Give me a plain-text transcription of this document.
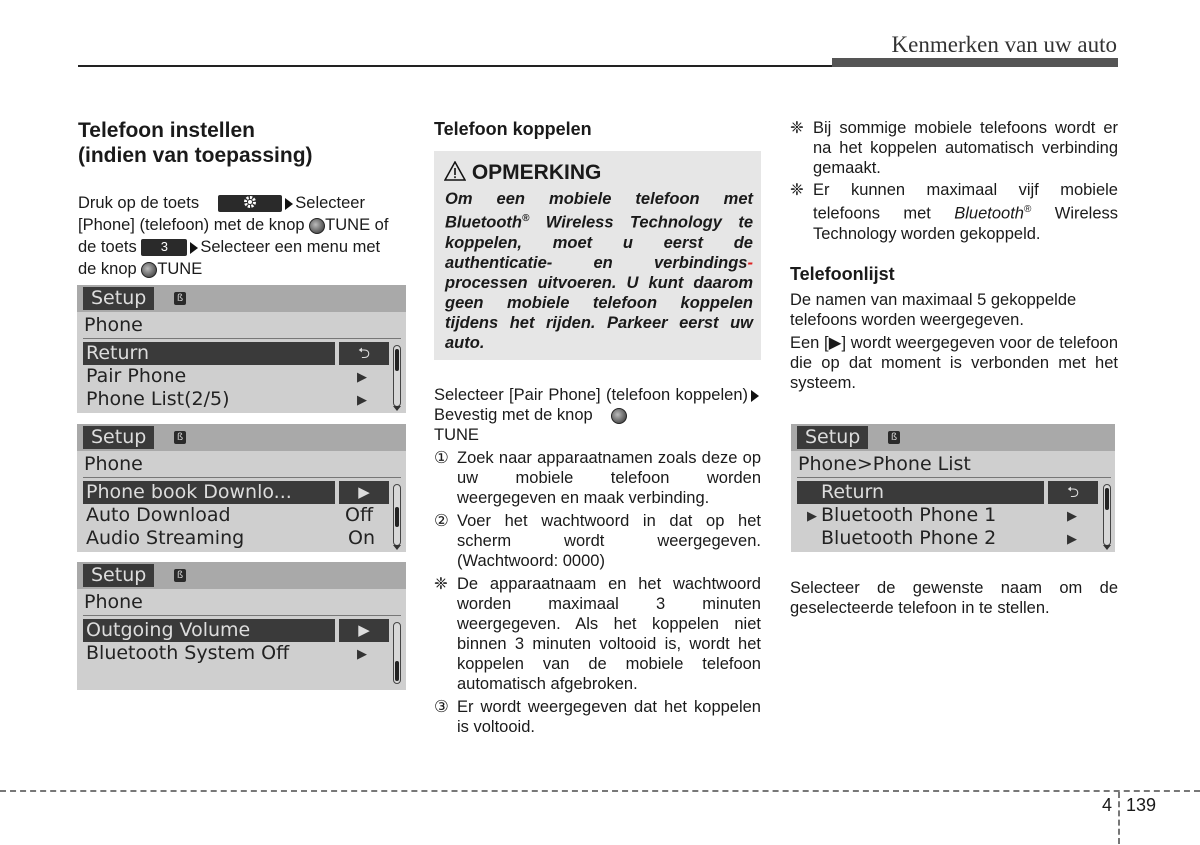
Kenmerken van uw auto
Telefoon instellen
(indien van toepassing)

Druk op de toets	Selecteer
[Phone] (telefoon) met de knop TUNE of
de toets 3 Selecteer een menu met
de knop TUNE

Setup	ß
Phone
Return	⮌
Pair Phone	▶
Phone List(2/5)	▶
Setup	ß
Phone
Phone book Downlo...	▶
Auto Download	Off
Audio Streaming	On
Setup	ß
Phone
Outgoing Volume	▶
Bluetooth System Off	▶
Telefoon koppelen
OPMERKING
Om een mobiele telefoon met Bluetooth® Wireless Technology te koppelen, moet u eerst de authenticatie- en verbindings- processen uitvoeren. U kunt daarom geen mobiele telefoon koppelen tijdens het rijden. Parkeer eerst uw auto.

Selecteer [Pair Phone] (telefoon koppelen)Bevestig met de knop
TUNE

① Zoek naar apparaatnamen zoals deze op uw mobiele telefoon worden weergegeven en maak verbinding.
② Voer het wachtwoord in dat op het scherm wordt weergegeven. (Wachtwoord: 0000)
❈ De apparaatnaam en het wachtwoord worden maximaal 3 minuten weergegeven. Als het koppelen niet binnen 3 minuten voltooid is, wordt het koppelen van de mobiele telefoon automatisch afgebroken.
③ Er wordt weergegeven dat het koppelen is voltooid.
❈ Bij sommige mobiele telefoons wordt er na het koppelen automatisch verbinding gemaakt.
❈ Er kunnen maximaal vijf mobiele telefoons met Bluetooth® Wireless Technology worden gekoppeld.
Telefoonlijst

De namen van maximaal 5 gekoppelde telefoons worden weergegeven.

Een [▶] wordt weergegeven voor de telefoon die op dat moment is verbonden met het systeem.

Setup	ß
Phone>Phone List
Return	⮌
▶ Bluetooth Phone 1	▶
Bluetooth Phone 2	▶
Selecteer de gewenste naam om de geselecteerde telefoon in te stellen.
4 139
